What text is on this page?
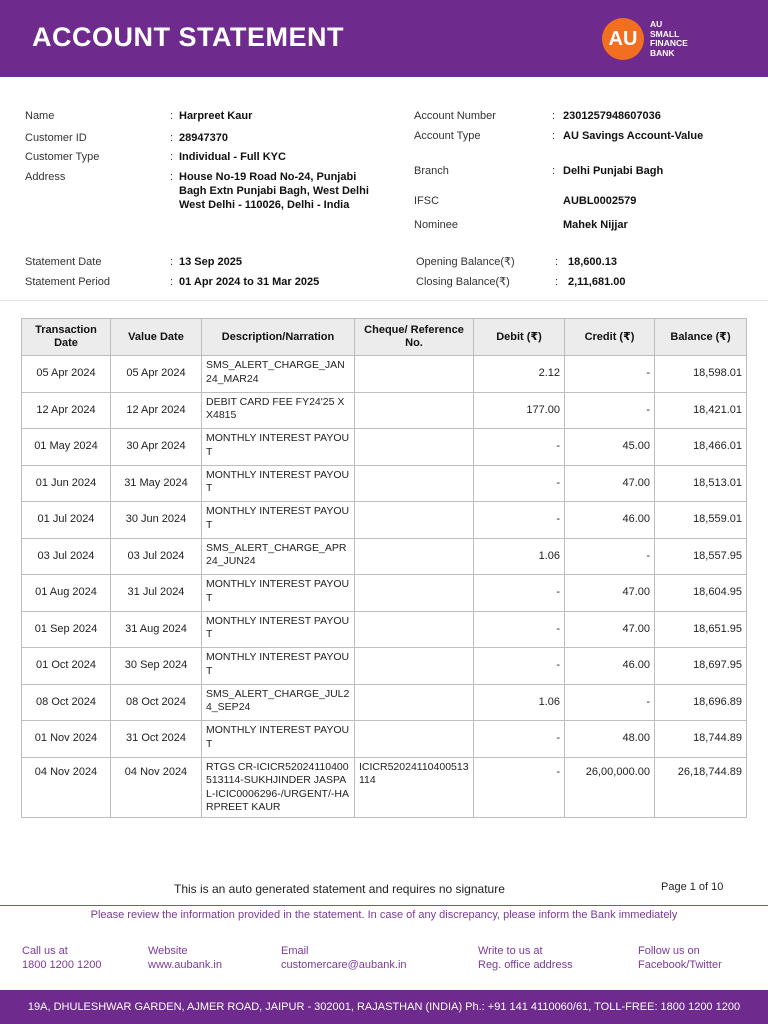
ACCOUNT STATEMENT	AU
AU
SMALL
FINANCE
BANK
Name	: Harpreet Kaur
Customer ID	: 28947370
Customer Type	: Individual - Full KYC
Address	: House No-19 Road No-24, Punjabi Bagh Extn Punjabi Bagh, West Delhi West Delhi - 110026, Delhi - India
Account Number	: 2301257948607036
Account Type	: AU Savings Account-Value
Branch	: Delhi Punjabi Bagh
IFSC	AUBL0002579
Nominee	Mahek Nijjar
Statement Date	: 13 Sep 2025
Statement Period	: 01 Apr 2024 to 31 Mar 2025
Opening Balance(₹)	: 18,600.13
Closing Balance(₹)	: 2,11,681.00
Transaction Date	Value Date	Description/Narration	Cheque/ Reference No.	Debit (₹)	Credit (₹)	Balance (₹)
05 Apr 2024	05 Apr 2024	SMS_ALERT_CHARGE_JAN24_MAR24		2.12	-	18,598.01
12 Apr 2024	12 Apr 2024	DEBIT CARD FEE FY24'25 XX4815		177.00	-	18,421.01
01 May 2024	30 Apr 2024	MONTHLY INTEREST PAYOUT		-	45.00	18,466.01
01 Jun 2024	31 May 2024	MONTHLY INTEREST PAYOUT		-	47.00	18,513.01
01 Jul 2024	30 Jun 2024	MONTHLY INTEREST PAYOUT		-	46.00	18,559.01
03 Jul 2024	03 Jul 2024	SMS_ALERT_CHARGE_APR24_JUN24		1.06	-	18,557.95
01 Aug 2024	31 Jul 2024	MONTHLY INTEREST PAYOUT		-	47.00	18,604.95
01 Sep 2024	31 Aug 2024	MONTHLY INTEREST PAYOUT		-	47.00	18,651.95
01 Oct 2024	30 Sep 2024	MONTHLY INTEREST PAYOUT		-	46.00	18,697.95
08 Oct 2024	08 Oct 2024	SMS_ALERT_CHARGE_JUL24_SEP24		1.06	-	18,696.89
01 Nov 2024	31 Oct 2024	MONTHLY INTEREST PAYOUT		-	48.00	18,744.89
04 Nov 2024	04 Nov 2024	RTGS CR-ICICR52024110400513114-SUKHJINDER JASPAL-ICIC0006296-/URGENT/-HARPREET KAUR	ICICR52024110400513114	-	26,00,000.00	26,18,744.89
This is an auto generated statement and requires no signature	Page 1 of 10
Please review the information provided in the statement. In case of any discrepancy, please inform the Bank immediately
Call us at
1800 1200 1200
Website
www.aubank.in
Email
customercare@aubank.in
Write to us at
Reg. office address
Follow us on
Facebook/Twitter
19A, DHULESHWAR GARDEN, AJMER ROAD, JAIPUR - 302001, RAJASTHAN (INDIA) Ph.: +91 141 4110060/61, TOLL-FREE: 1800 1200 1200
